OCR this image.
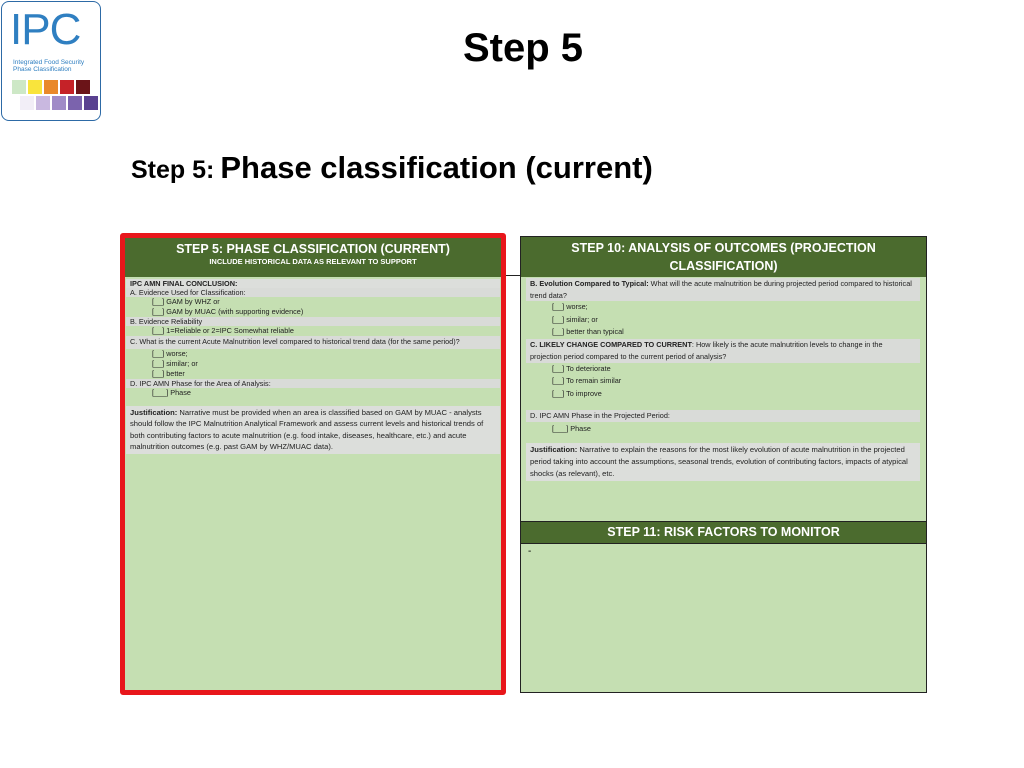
IPC
Integrated Food Security
Phase Classification	Step 5
Step 5: Phase classification (current)
STEP 5: PHASE CLASSIFICATION (CURRENT)
INCLUDE HISTORICAL DATA AS RELEVANT TO SUPPORT
IPC AMN FINAL CONCLUSION:
A. Evidence Used for Classification:
[__] GAM by WHZ or
[__] GAM by MUAC (with supporting evidence)
B. Evidence Reliability
[__] 1=Reliable or 2=IPC Somewhat reliable
C. What is the current Acute Malnutrition level compared to historical trend data (for the same period)?
[__] worse;
[__] similar; or
[__] better
D. IPC AMN Phase for the Area of Analysis:
[___] Phase
Justification: Narrative must be provided when an area is classified based on GAM by MUAC - analysts should follow the IPC Malnutrition Analytical Framework and assess current levels and historical trends of both contributing factors to acute malnutrition (e.g. food intake, diseases, healthcare, etc.) and acute malnutrition outcomes (e.g. past GAM by WHZ/MUAC data).
STEP 10: ANALYSIS OF OUTCOMES (PROJECTION CLASSIFICATION)
B. Evolution Compared to Typical: What will the acute malnutrition be during projected period compared to historical trend data?
[__] worse;
[__] similar; or
[__] better than typical
C. LIKELY CHANGE COMPARED TO CURRENT: How likely is the acute malnutrition levels to change in the projection period compared to the current period of analysis?
[__] To deteriorate
[__] To remain similar
[__] To improve
D. IPC AMN Phase in the Projected Period:
[___] Phase
Justification: Narrative to explain the reasons for the most likely evolution of acute malnutrition in the projected period taking into account the assumptions, seasonal trends, evolution of contributing factors, impacts of atypical shocks (as relevant), etc.
STEP 11: RISK FACTORS TO MONITOR
-
